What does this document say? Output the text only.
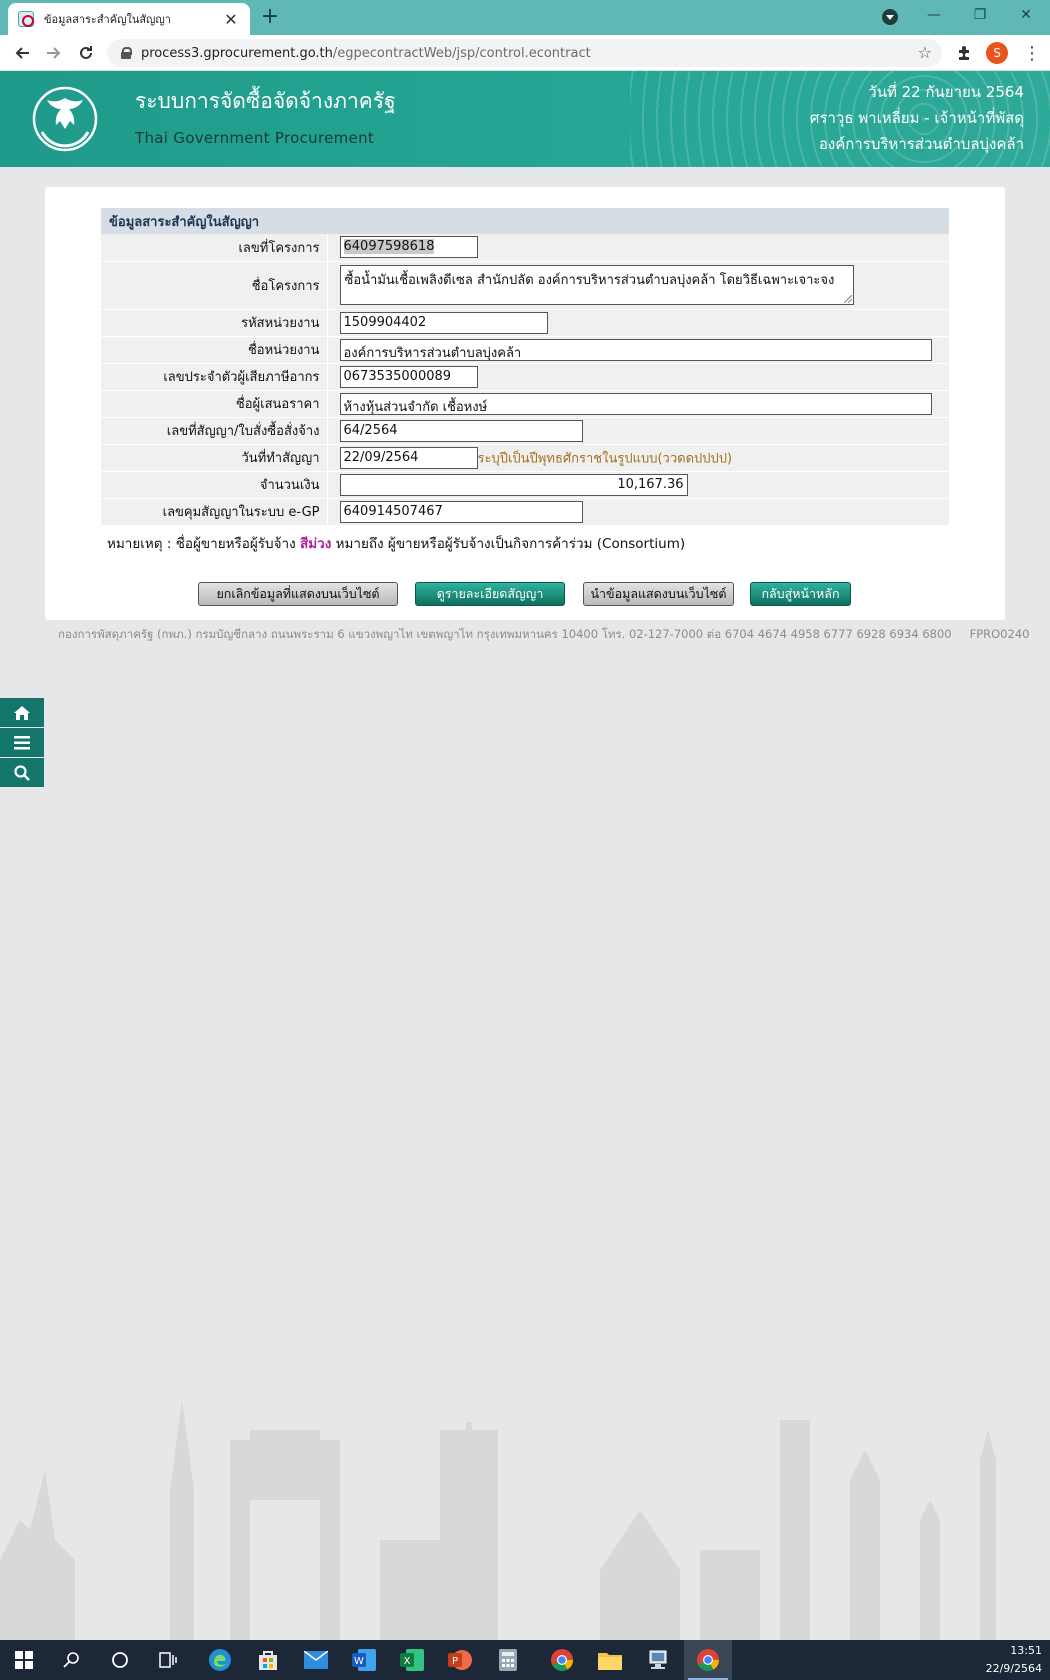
ข้อมูลสาระสำคัญในสัญญา	✕ +	—	❐	✕
process3.gprocurement.go.th /egpecontractWeb/jsp/control.econtract	☆	S	⋮
ระบบการจัดซื้อจัดจ้างภาครัฐ
Thai Government Procurement
วันที่ 22 กันยายน 2564
ศราวุธ พาเหลี่ยม - เจ้าหน้าที่พัสดุ
องค์การบริหารส่วนตำบลบุ่งคล้า
ข้อมูลสาระสำคัญในสัญญา	
เลขที่โครงการ	64097598618
ชื่อโครงการ	ซื้อน้ำมันเชื้อเพลิงดีเซล สำนักปลัด องค์การบริหารส่วนตำบลบุ่งคล้า โดยวิธีเฉพาะเจาะจง

รหัสหน่วยงาน	1509904402
ชื่อหน่วยงาน	องค์การบริหารส่วนตำบลบุ่งคล้า
เลขประจำตัวผู้เสียภาษีอากร	0673535000089
ชื่อผู้เสนอราคา	ห้างหุ้นส่วนจำกัด เชื้อหงษ์
เลขที่สัญญา/ใบสั่งซื้อสั่งจ้าง	64/2564
วันที่ทำสัญญา	22/09/2564 ระบุปีเป็นปีพุทธศักราชในรูปแบบ(ววดดปปปป)
จำนวนเงิน	10,167.36
เลขคุมสัญญาในระบบ e-GP	640914507467
หมายเหตุ : ชื่อผู้ขายหรือผู้รับจ้าง สีม่วง หมายถึง ผู้ขายหรือผู้รับจ้างเป็นกิจการค้าร่วม (Consortium)
ยกเลิกข้อมูลที่แสดงบนเว็บไซต์	ดูรายละเอียดสัญญา	นำข้อมูลแสดงบนเว็บไซต์	กลับสู่หน้าหลัก
กองการพัสดุภาครัฐ (กพภ.) กรมบัญชีกลาง ถนนพระราม 6 แขวงพญาไท เขตพญาไท กรุงเทพมหานคร 10400 โทร. 02-127-7000 ต่อ 6704 4674 4958 6777 6928 6934 6800 FPRO0240
W	X	P
13:51
22/9/2564
